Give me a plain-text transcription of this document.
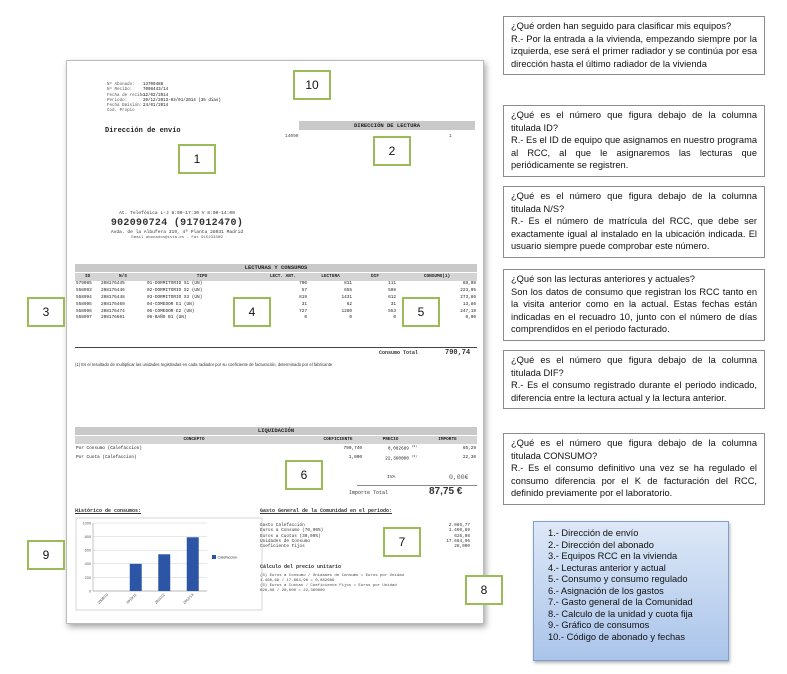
Nº Abonado:	13709488
Nº Recibo:	7098443/14
Fecha de recibo:
12/02/2014
Periodo:	20/12/2013-03/01/2014 (35 días)
Fecha Emisión: 24/01/2014
Cod. Propio
Dirección de envío
DIRECCIÓN DE LECTURA
14090	1
At. Telefónica L-J 8:00-17:30 V 8:00-14:00
902090724 (917012470)
Avda. de la Albufera 319, 4ª Planta 28031 Madrid
Email abonados@ista.es - Fax 915233389
LECTURAS Y CONSUMOS
ID	N/S	TIPO	LECT. ANT.	LECTURA	DIF	CONSUMO(1)
579085	208176445	01-DORMITORIO S1 (UN)	700	811	111	88,08
558993	208176446	02-DORMITORIO S2 (UN)	57	655	598	223,05
558994	208176448	03-DORMITORIO S3 (UN)	819	1431	612	273,86
558995	208176469	04-COMEDOR E1 (UN)	31	62	31	13,86
558996	208176474	05-COMEDOR E2 (UN)	727	1280	553	247,19
558997	208176601	06-BAÑO B1 (UN)	0	0	0	0,00
Consumo Total	790,74
(1) Es el resultado de multiplicar las unidades registradas en cada radiador por su coeficiente de facturación, determinado por el fabricante
LIQUIDACIÓN
CONCEPTO	COEFICIENTE	PRECIO	IMPORTE
Por Consumo (Calefaccion)	790,740	0,082689 $^{(3)}$	65,29
Por Cuota (Calefaccion)	1,000	22,360000 $^{(3)}$	22,36
IVA	0,00€
Importe Total	87,75 €
Histórico de consumos:
0
200
400
600
800
1000
2009/10	2010/11	2011/12	2012/13
Calefaccion
Gasto General de la Comunidad en el periodo:
Gasto Calefacción	2.086,77
Euros a Consumo (70,00%)	1.460,69
Euros a Cuotas (30,00%)	626,08
Unidades de Consumo	17.664,96
Coeficiente Fijos	28,000
Cálculo del precio unitario
(3) Euros a Consumo / Unidades de Consumo = Euros por Unidad
1.460,69 / 17.664,96 = 0,082689
(3) Euros a Cuotas / Coeficiente Fijos = Euros por Unidad
626,08 / 28,000 = 22,360000
1
2
3	4	5
6
7
8
9
10

¿Qué orden han seguido para clasificar mis equipos?

R.- Por la entrada a la vivienda, empezando siempre por la izquierda, ese será el primer radiador y se continúa por esa dirección hasta el último radiador de la vivienda

¿Qué es el número que figura debajo de la columna titulada ID?

R.- Es el ID de equipo que asignamos en nuestro programa al RCC, al que le asignaremos las lecturas que periódicamente se registren.

¿Qué es el número que figura debajo de la columna titulada N/S?

R.- Es el número de matrícula del RCC, que debe ser exactamente igual al instalado en la ubicación indicada. El usuario siempre puede comprobar este número.

¿Qué son las lecturas anteriores y actuales?

Son los datos de consumo que registran los RCC tanto en la visita anterior como en la actual. Estas fechas están indicadas en el recuadro 10, junto con el número de días comprendidos en el periodo facturado.

¿Qué es el número que figura debajo de la columna titulada DIF?

R.- Es el consumo registrado durante el periodo indicado, diferencia entre la lectura actual y la lectura anterior.

¿Qué es el número que figura debajo de la columna titulada CONSUMO?

R.- Es el consumo definitivo una vez se ha regulado el consumo diferencia por el K de facturación del RCC, definido previamente por el laboratorio.

1.- Dirección de envío
2.- Dirección del abonado
3.- Equipos RCC en la vivienda
4.- Lecturas anterior y actual
5.- Consumo y consumo regulado
6.- Asignación de los gastos
7.- Gasto general de la Comunidad
8.- Calculo de la unidad y cuota fija
9.- Gráfico de consumos
10.- Código de abonado y fechas
